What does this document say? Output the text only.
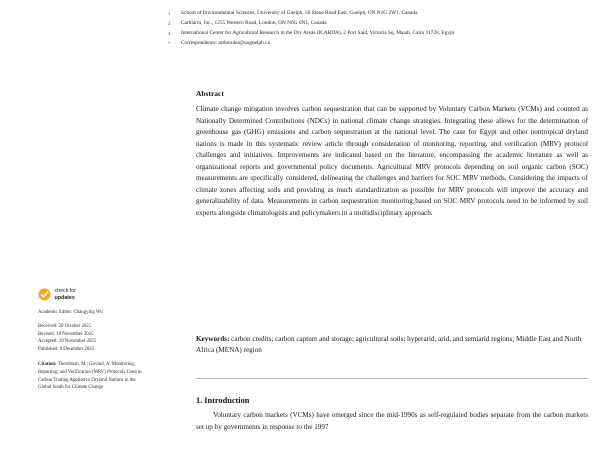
1	School of Environmental Sciences, University of Guelph, 50 Stone Road East, Guelph, ON N1G 2W1, Canada
2	Carblarm, Inc., 1255 Western Road, London, ON N6G 0N1, Canada
3	International Center for Agricultural Research in the Dry Areas (ICARDA), 2 Port Said, Victoria Sq, Maadi, Cairo 11728, Egypt
*	Correspondence: mthornbu@uoguelph.ca
Abstract
Climate change mitigation involves carbon sequestration that can be supported by Voluntary Carbon Markets (VCMs) and counted as Nationally Determined Contributions (NDCs) in national climate change strategies. Integrating these allows for the determination of greenhouse gas (GHG) emissions and carbon sequestration at the national level. The case for Egypt and other nontropical dryland nations is made in this systematic review article through consideration of monitoring, reporting, and verification (MRV) protocol challenges and initiatives. Improvements are indicated based on the literature, encompassing the academic literature as well as organizational reports and governmental policy documents. Agricultural MRV protocols depending on soil organic carbon (SOC) measurements are specifically considered, delineating the challenges and barriers for SOC MRV methods. Considering the impacts of climate zones affecting soils and providing as much standardization as possible for MRV protocols will improve the accuracy and generalizability of data. Measurements in carbon sequestration monitoring based on SOC MRV protocols need to be informed by soil experts alongside climatologists and policymakers in a multidisciplinary approach.
Keywords: carbon credits; carbon capture and storage; agricultural soils; hyperarid, arid, and semiarid regions; Middle East and North Africa (MENA) region
1. Introduction
Voluntary carbon markets (VCMs) have emerged since the mid-1990s as self-regulated bodies separate from the carbon markets set up by governments in response to the 1997
check for
updates
Academic Editor: Changying Wu
Received: 20 October 2025
Revised: 10 November 2025
Accepted: 19 November 2025
Published: 9 December 2025
Citation: Thornbush, M.; Govind, A. Monitoring, Reporting, and Verification (MRV) Protocols Used in Carbon Trading Applied to Dryland Nations in the Global South for Climate Change
